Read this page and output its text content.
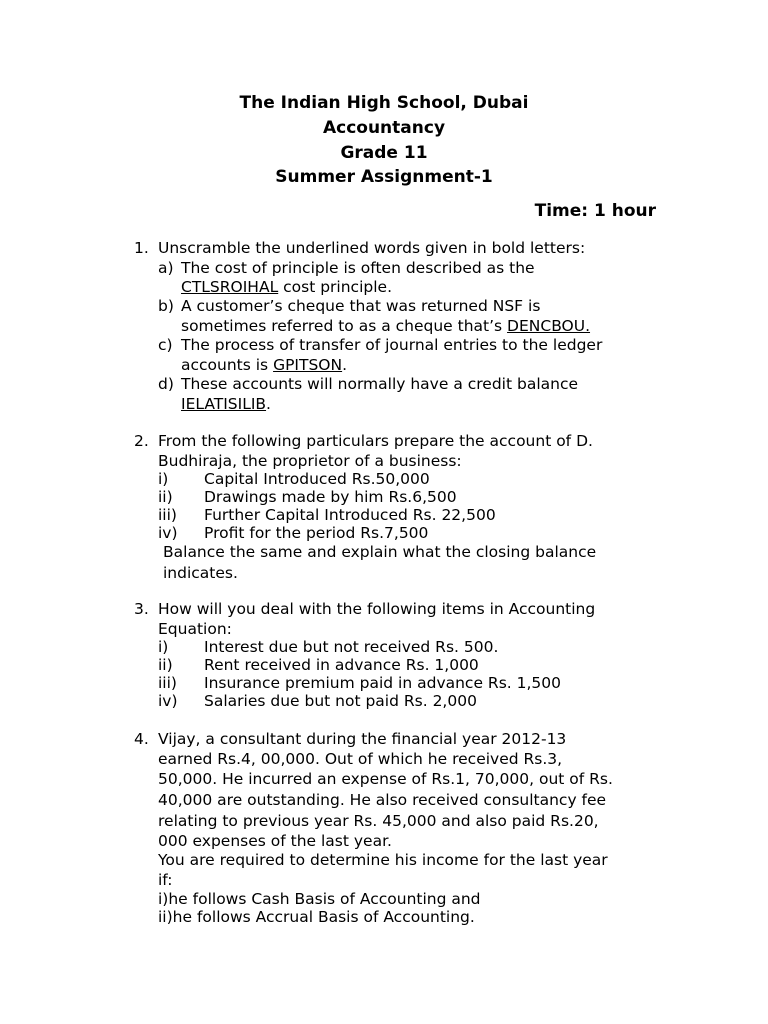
The Indian High School, Dubai
Accountancy
Grade 11
Summer Assignment-1
Time: 1 hour
1. Unscramble the underlined words given in bold letters:
a) The cost of principle is often described as the
CTLSROIHAL cost principle.
b) A customer’s cheque that was returned NSF is
sometimes referred to as a cheque that’s DENCBOU.
c) The process of transfer of journal entries to the ledger
accounts is GPITSON.
d) These accounts will normally have a credit balance
IELATISILIB.
2. From the following particulars prepare the account of D.
Budhiraja, the proprietor of a business:
i) Capital Introduced Rs.50,000
ii) Drawings made by him Rs.6,500
iii) Further Capital Introduced Rs. 22,500
iv) Profit for the period Rs.7,500
Balance the same and explain what the closing balance
indicates.
3. How will you deal with the following items in Accounting
Equation:
i) Interest due but not received Rs. 500.
ii) Rent received in advance Rs. 1,000
iii) Insurance premium paid in advance Rs. 1,500
iv) Salaries due but not paid Rs. 2,000
4. Vijay, a consultant during the financial year 2012-13
earned Rs.4, 00,000. Out of which he received Rs.3,
50,000. He incurred an expense of Rs.1, 70,000, out of Rs.
40,000 are outstanding. He also received consultancy fee
relating to previous year Rs. 45,000 and also paid Rs.20,
000 expenses of the last year.
You are required to determine his income for the last year
if:
i)he follows Cash Basis of Accounting and
ii)he follows Accrual Basis of Accounting.
